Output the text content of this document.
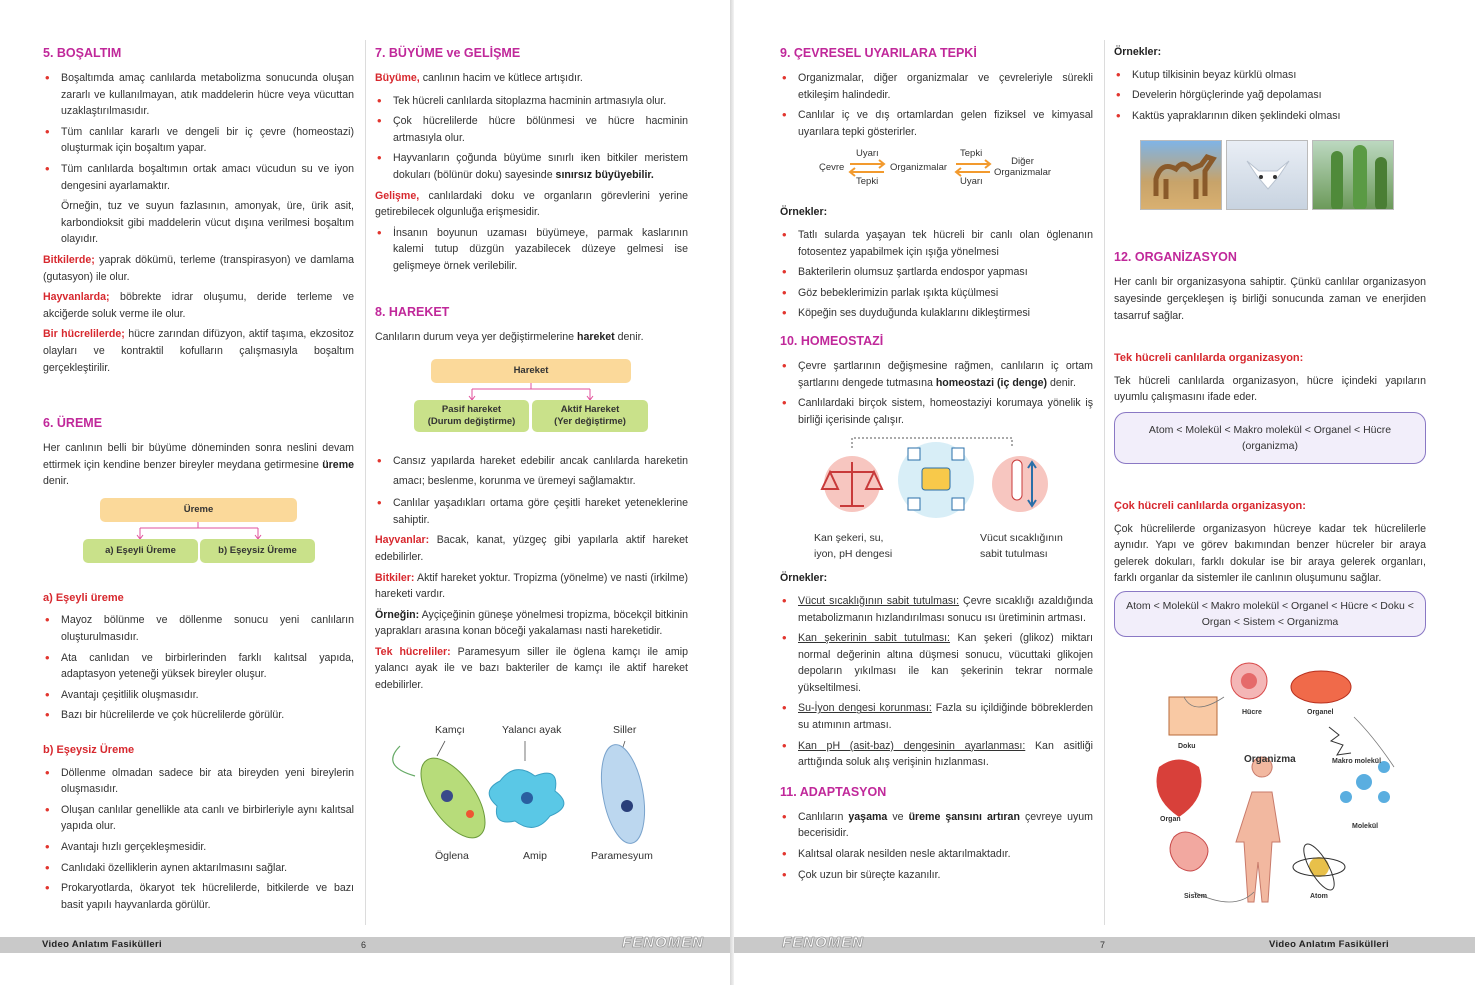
5. BOŞALTIM
• Boşaltımda amaç canlılarda metabolizma sonucunda oluşan zararlı ve kullanılmayan, atık maddelerin hücre veya vücuttan uzaklaştırılmasıdır.
• Tüm canlılar kararlı ve dengeli bir iç çevre (homeostazi) oluşturmak için boşaltım yapar.
• Tüm canlılarda boşaltımın ortak amacı vücudun su ve iyon dengesini ayarlamaktır.

Örneğin, tuz ve suyun fazlasının, amonyak, üre, ürik asit, karbondioksit gibi maddelerin vücut dışına verilmesi boşaltım olayıdır.

Bitkilerde; yaprak dökümü, terleme (transpirasyon) ve damlama (gutasyon) ile olur.

Hayvanlarda; böbrekte idrar oluşumu, deride terleme ve akciğerde soluk verme ile olur.

Bir hücrelilerde; hücre zarından difüzyon, aktif taşıma, ekzositoz olayları ve kontraktil kofulların çalışmasıyla boşaltım gerçekleştirilir.

6. ÜREME

Her canlının belli bir büyüme döneminden sonra neslini devam ettirmek için kendine benzer bireyler meydana getirmesine üreme denir.

Üreme
a) Eşeyli Üreme	b) Eşeysiz Üreme
a) Eşeyli üreme
• Mayoz bölünme ve döllenme sonucu yeni canlıların oluşturulmasıdır.
• Ata canlıdan ve birbirlerinden farklı kalıtsal yapıda, adaptasyon yeteneği yüksek bireyler oluşur.
• Avantajı çeşitlilik oluşmasıdır.
• Bazı bir hücrelilerde ve çok hücrelilerde görülür.
b) Eşeysiz Üreme
• Döllenme olmadan sadece bir ata bireyden yeni bireylerin oluşmasıdır.
• Oluşan canlılar genellikle ata canlı ve birbirleriyle aynı kalıtsal yapıda olur.
• Avantajı hızlı gerçekleşmesidir.
• Canlıdaki özelliklerin aynen aktarılmasını sağlar.
• Prokaryotlarda, ökaryot tek hücrelilerde, bitkilerde ve bazı basit yapılı hayvanlarda görülür.
7. BÜYÜME ve GELİŞME

Büyüme, canlının hacim ve kütlece artışıdır.

• Tek hücreli canlılarda sitoplazma hacminin artmasıyla olur.
• Çok hücrelilerde hücre bölünmesi ve hücre hacminin artmasıyla olur.
• Hayvanların çoğunda büyüme sınırlı iken bitkiler meristem dokuları (bölünür doku) sayesinde sınırsız büyüyebilir.

Gelişme, canlılardaki doku ve organların görevlerini yerine getirebilecek olgunluğa erişmesidir.

• İnsanın boyunun uzaması büyümeye, parmak kaslarının kalemi tutup düzgün yazabilecek düzeye gelmesi ise gelişmeye örnek verilebilir.
8. HAREKET

Canlıların durum veya yer değiştirmelerine hareket denir.

Hareket
Pasif hareket
(Durum değiştirme)
Aktif Hareket
(Yer değiştirme)
• Cansız yapılarda hareket edebilir ancak canlılarda hareketin amacı; beslenme, korunma ve üremeyi sağlamaktır.
• Canlılar yaşadıkları ortama göre çeşitli hareket yeteneklerine sahiptir.

Hayvanlar: Bacak, kanat, yüzgeç gibi yapılarla aktif hareket edebilirler.

Bitkiler: Aktif hareket yoktur. Tropizma (yönelme) ve nasti (irkilme) hareketi vardır.

Örneğin: Ayçiçeğinin güneşe yönelmesi tropizma, böcekçil bitkinin yaprakları arasına konan böceği yakalaması nasti hareketidir.

Tek hücreliler: Paramesyum siller ile öglena kamçı ile amip yalancı ayak ile ve bazı bakteriler de kamçı ile aktif hareket edebilirler.

Kamçı	Yalancı ayak	Siller
Öglena	Amip	Paramesyum
Video Anlatım Fasikülleri	6	FENOMEN
9. ÇEVRESEL UYARILARA TEPKİ
• Organizmalar, diğer organizmalar ve çevreleriyle sürekli etkileşim halindedir.
• Canlılar iç ve dış ortamlardan gelen fiziksel ve kimyasal uyarılara tepki gösterirler.
Çevre
Uyarı
Tepki
Organizmalar
Tepki
Uyarı
Diğer
Organizmalar
Örnekler:
• Tatlı sularda yaşayan tek hücreli bir canlı olan öglenanın fotosentez yapabilmek için ışığa yönelmesi
• Bakterilerin olumsuz şartlarda endospor yapması
• Göz bebeklerimizin parlak ışıkta küçülmesi
• Köpeğin ses duyduğunda kulaklarını dikleştirmesi
10. HOMEOSTAZİ
• Çevre şartlarının değişmesine rağmen, canlıların iç ortam şartlarını dengede tutmasına homeostazi (iç denge) denir.
• Canlılardaki birçok sistem, homeostaziyi korumaya yönelik iş birliği içerisinde çalışır.
Kan şekeri, su,
iyon, pH dengesi
Vücut sıcaklığının
sabit tutulması
Örnekler:
• Vücut sıcaklığının sabit tutulması: Çevre sıcaklığı azaldığında metabolizmanın hızlandırılması sonucu ısı üretiminin artması.
• Kan şekerinin sabit tutulması: Kan şekeri (glikoz) miktarı normal değerinin altına düşmesi sonucu, vücuttaki glikojen depoların yıkılması ile kan şekerinin tekrar normale yükseltilmesi.
• Su-İyon dengesi korunması: Fazla su içildiğinde böbreklerden su atımının artması.
• Kan pH (asit-baz) dengesinin ayarlanması: Kan asitliği arttığında soluk alış verişinin hızlanması.
11. ADAPTASYON
• Canlıların yaşama ve üreme şansını artıran çevreye uyum becerisidir.
• Kalıtsal olarak nesilden nesle aktarılmaktadır.
• Çok uzun bir süreçte kazanılır.
Örnekler:
• Kutup tilkisinin beyaz kürklü olması
• Develerin hörgüçlerinde yağ depolaması
• Kaktüs yapraklarının diken şeklindeki olması
12. ORGANİZASYON

Her canlı bir organizasyona sahiptir. Çünkü canlılar organizasyon sayesinde gerçekleşen iş birliği sonucunda zaman ve enerjiden tasarruf sağlar.

Tek hücreli canlılarda organizasyon:

Tek hücreli canlılarda organizasyon, hücre içindeki yapıların uyumlu çalışmasını ifade eder.

Atom < Molekül < Makro molekül < Organel < Hücre (organizma)
Çok hücreli canlılarda organizasyon:

Çok hücrelilerde organizasyon hücreye kadar tek hücrelilerle aynıdır. Yapı ve görev bakımından benzer hücreler bir araya gelerek dokuları, farklı dokular ise bir araya gelerek organları, farklı organlar da sistemler ile canlının oluşumunu sağlar.

Atom < Molekül < Makro molekül < Organel < Hücre < Doku < Organ < Sistem < Organizma
Hücre	Organel
Doku
Organizma	Makro molekül
Organ
Molekül
Sistem	Atom
FENOMEN	7	Video Anlatım Fasikülleri
